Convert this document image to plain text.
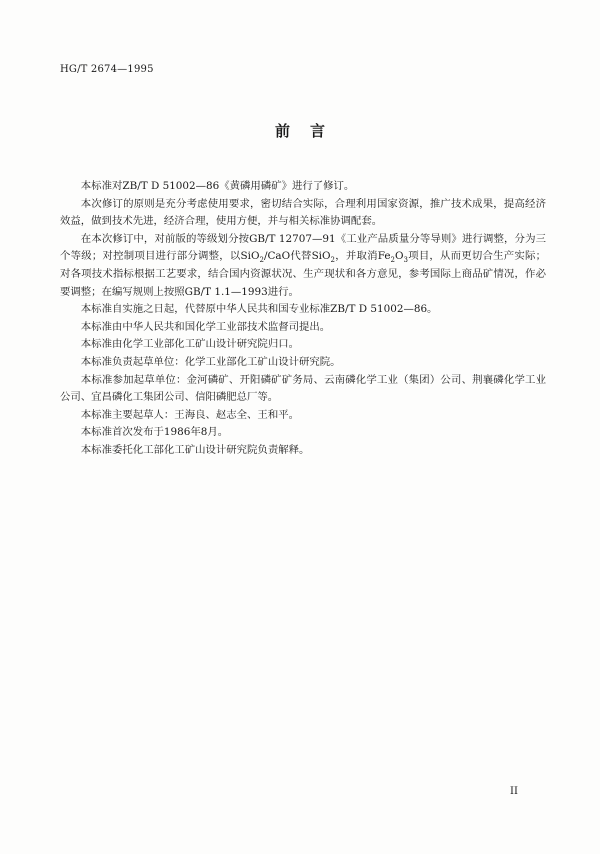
HG/T 2674—1995
前言

本标准对ZB/T D 51002—86《黄磷用磷矿》进行了修订。

本次修订的原则是充分考虑使用要求，密切结合实际，合理利用国家资源，推广技术成果，提高经济效益，做到技术先进，经济合理，使用方便，并与相关标准协调配套。

在本次修订中，对前版的等级划分按GB/T 12707—91《工业产品质量分等导则》进行调整，分为三个等级；对控制项目进行部分调整，以SiO$_2$/CaO代替SiO$_2$，并取消$Fe_2O_3$项目，从而更切合生产实际；对各项技术指标根据工艺要求，结合国内资源状况、生产现状和各方意见，参考国际上商品矿情况，作必要调整；在编写规则上按照GB/T 1.1—1993进行。

本标准自实施之日起，代替原中华人民共和国专业标准ZB/T D 51002—86。

本标准由中华人民共和国化学工业部技术监督司提出。

本标准由化学工业部化工矿山设计研究院归口。

本标准负责起草单位：化学工业部化工矿山设计研究院。

本标准参加起草单位：金河磷矿、开阳磷矿矿务局、云南磷化学工业（集团）公司、荆襄磷化学工业公司、宜昌磷化工集团公司、信阳磷肥总厂等。

本标准主要起草人：王海良、赵志全、王和平。

本标准首次发布于1986年8月。

本标准委托化工部化工矿山设计研究院负责解释。

II
